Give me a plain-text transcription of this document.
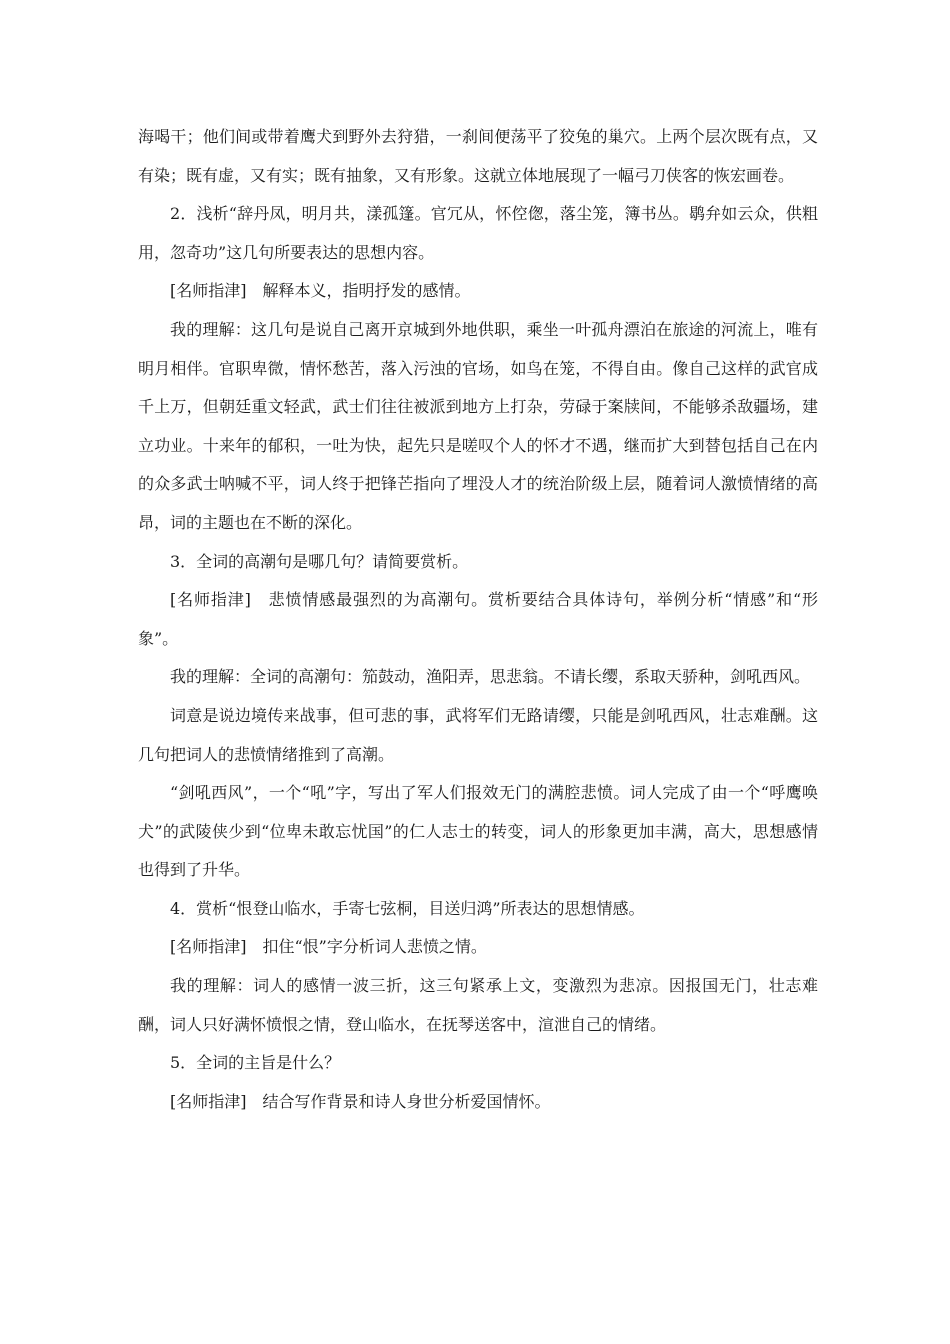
海喝干；他们间或带着鹰犬到野外去狩猎，一刹间便荡平了狡兔的巢穴。上两个层次既有点，又有染；既有虚，又有实；既有抽象，又有形象。这就立体地展现了一幅弓刀侠客的恢宏画卷。

2．浅析“辞丹凤，明月共，漾孤篷。官冗从，怀倥偬，落尘笼，簿书丛。鹖弁如云众，供粗用，忽奇功”这几句所要表达的思想内容。

[名师指津]　解释本义，指明抒发的感情。

我的理解：这几句是说自己离开京城到外地供职，乘坐一叶孤舟漂泊在旅途的河流上，唯有明月相伴。官职卑微，情怀愁苦，落入污浊的官场，如鸟在笼，不得自由。像自己这样的武官成千上万，但朝廷重文轻武，武士们往往被派到地方上打杂，劳碌于案牍间，不能够杀敌疆场，建立功业。十来年的郁积，一吐为快，起先只是嗟叹个人的怀才不遇，继而扩大到替包括自己在内的众多武士呐喊不平，词人终于把锋芒指向了埋没人才的统治阶级上层，随着词人激愤情绪的高昂，词的主题也在不断的深化。

3．全词的高潮句是哪几句？请简要赏析。

[名师指津]　悲愤情感最强烈的为高潮句。赏析要结合具体诗句，举例分析“情感”和“形象”。

我的理解：全词的高潮句：笳鼓动，渔阳弄，思悲翁。不请长缨，系取天骄种，剑吼西风。

词意是说边境传来战事，但可悲的事，武将军们无路请缨，只能是剑吼西风，壮志难酬。这几句把词人的悲愤情绪推到了高潮。

“剑吼西风”，一个“吼”字，写出了军人们报效无门的满腔悲愤。词人完成了由一个“呼鹰唤犬”的武陵侠少到“位卑未敢忘忧国”的仁人志士的转变，词人的形象更加丰满，高大，思想感情也得到了升华。

4．赏析“恨登山临水，手寄七弦桐，目送归鸿”所表达的思想情感。

[名师指津]　扣住“恨”字分析词人悲愤之情。

我的理解：词人的感情一波三折，这三句紧承上文，变激烈为悲凉。因报国无门，壮志难酬，词人只好满怀愤恨之情，登山临水，在抚琴送客中，渲泄自己的情绪。

5．全词的主旨是什么？

[名师指津]　结合写作背景和诗人身世分析爱国情怀。
